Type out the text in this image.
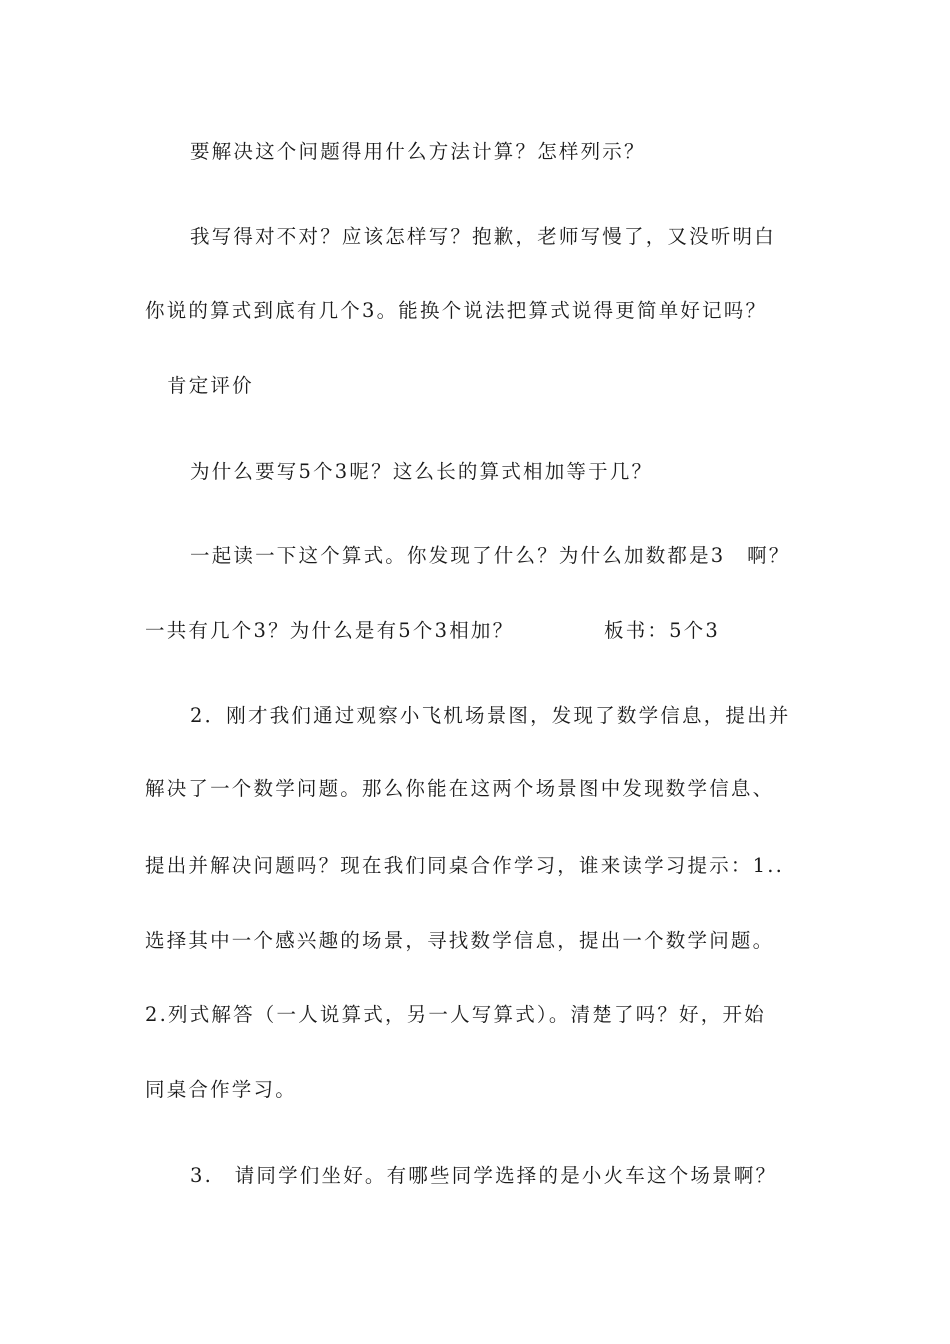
要解决这个问题得用什么方法计算？怎样列示？
我写得对不对？应该怎样写？抱歉，老师写慢了，又没听明白
你说的算式到底有几个3。能换个说法把算式说得更简单好记吗？
肯定评价
为什么要写5个3呢？这么长的算式相加等于几？
一起读一下这个算式。你发现了什么？为什么加数都是3　啊？
一共有几个3？为什么是有5个3相加？	板书：5个3
2．刚才我们通过观察小飞机场景图，发现了数学信息，提出并
解决了一个数学问题。那么你能在这两个场景图中发现数学信息、
提出并解决问题吗？现在我们同桌合作学习，谁来读学习提示：1..
选择其中一个感兴趣的场景，寻找数学信息，提出一个数学问题。
2.列式解答（一人说算式，另一人写算式）。清楚了吗？好，开始
同桌合作学习。
3.　请同学们坐好。有哪些同学选择的是小火车这个场景啊？
